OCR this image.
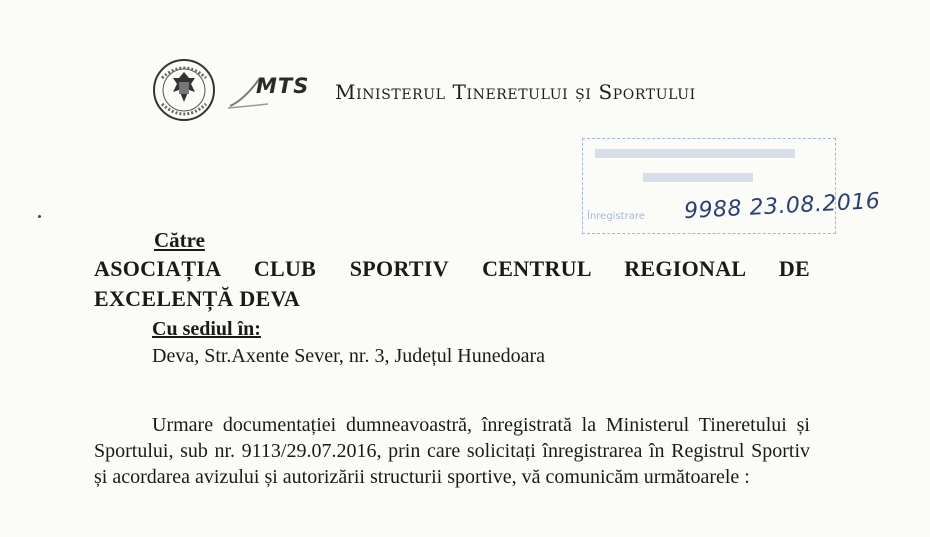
MTS Ministerul Tineretului și Sportului
Înregistrare 9988 23.08.2016
Către
ASOCIAȚIA CLUB SPORTIV CENTRUL REGIONAL DE EXCELENȚĂ DEVA
Cu sediul în:
Deva, Str.Axente Sever, nr. 3, Județul Hunedoara
Urmare documentației dumneavoastră, înregistrată la Ministerul Tineretului și Sportului, sub nr. 9113/29.07.2016, prin care solicitați înregistrarea în Registrul Sportiv și acordarea avizului și autorizării structurii sportive, vă comunicăm următoarele :
